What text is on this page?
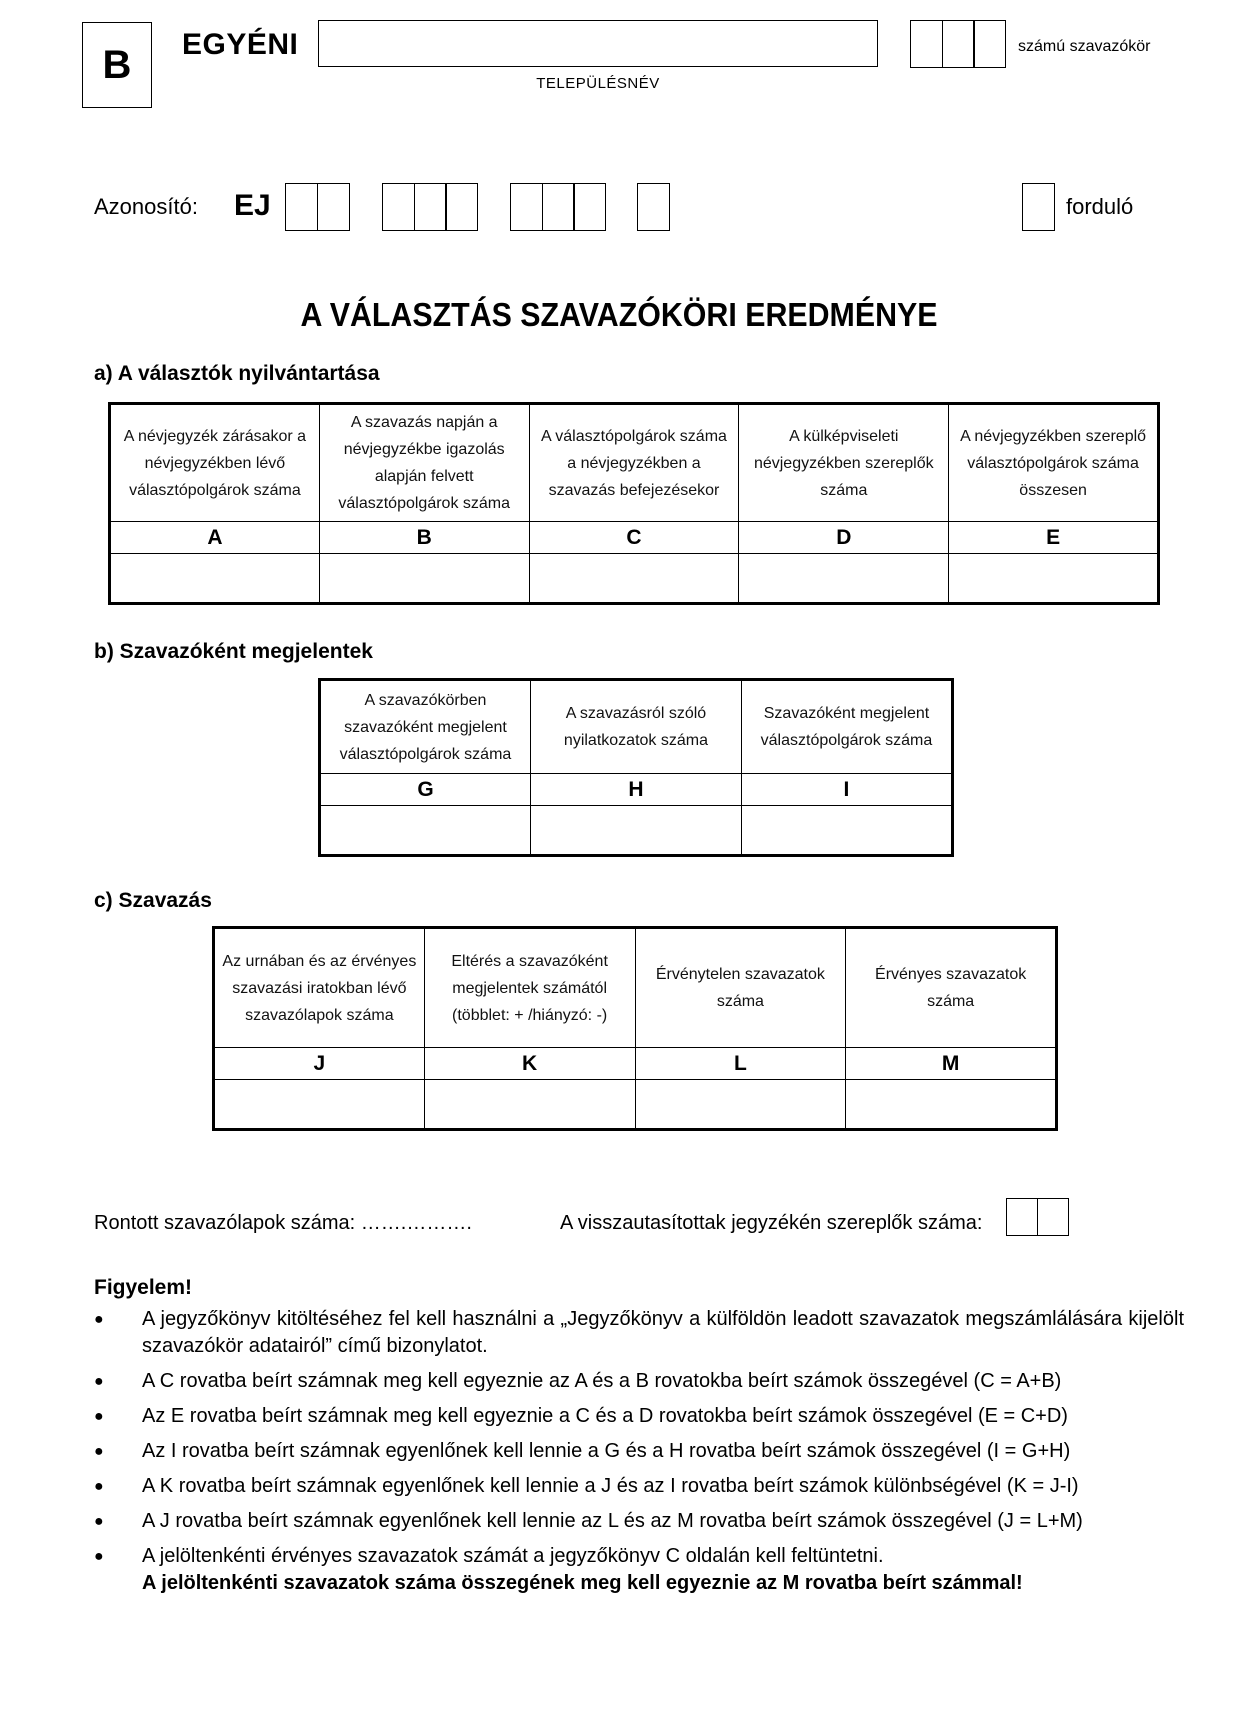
B	EGYÉNI
TELEPÜLÉSNÉV
számú szavazókör
Azonosító: EJ	forduló
A VÁLASZTÁS SZAVAZÓKÖRI EREDMÉNYE
a) A választók nyilvántartása
A névjegyzék zárásakor a névjegyzékben lévő választópolgárok száma	A szavazás napján a névjegyzékbe igazolás alapján felvett választópolgárok száma	A választópolgárok száma a névjegyzékben a szavazás befejezésekor	A külképviseleti névjegyzékben szereplők száma	A névjegyzékben szereplő választópolgárok száma összesen
A	B	C	D	E

b) Szavazóként megjelentek
A szavazókörben szavazóként megjelent választópolgárok száma	A szavazásról szóló nyilatkozatok száma	Szavazóként megjelent választópolgárok száma
G	H	I

c) Szavazás
Az urnában és az érvényes szavazási iratokban lévő szavazólapok száma	Eltérés a szavazóként megjelentek számától (többlet: + /hiányzó: -)	Érvénytelen szavazatok száma	Érvényes szavazatok száma
J	K	L	M

Rontott szavazólapok száma: …….……….	A visszautasítottak jegyzékén szereplők száma:
Figyelem!
●	A jegyzőkönyv kitöltéséhez fel kell használni a „Jegyzőkönyv a külföldön leadott szavazatok megszámlálására kijelölt szavazókör adatairól” című bizonylatot.
●	A C rovatba beírt számnak meg kell egyeznie az A és a B rovatokba beírt számok összegével (C = A+B)
●	Az E rovatba beírt számnak meg kell egyeznie a C és a D rovatokba beírt számok összegével (E = C+D)
●	Az I rovatba beírt számnak egyenlőnek kell lennie a G és a H rovatba beírt számok összegével (I = G+H)
●	A K rovatba beírt számnak egyenlőnek kell lennie a J és az I rovatba beírt számok különbségével (K = J-I)
●	A J rovatba beírt számnak egyenlőnek kell lennie az L és az M rovatba beírt számok összegével (J = L+M)
●	A jelöltenkénti érvényes szavazatok számát a jegyzőkönyv C oldalán kell feltüntetni.
A jelöltenkénti szavazatok száma összegének meg kell egyeznie az M rovatba beírt számmal!
